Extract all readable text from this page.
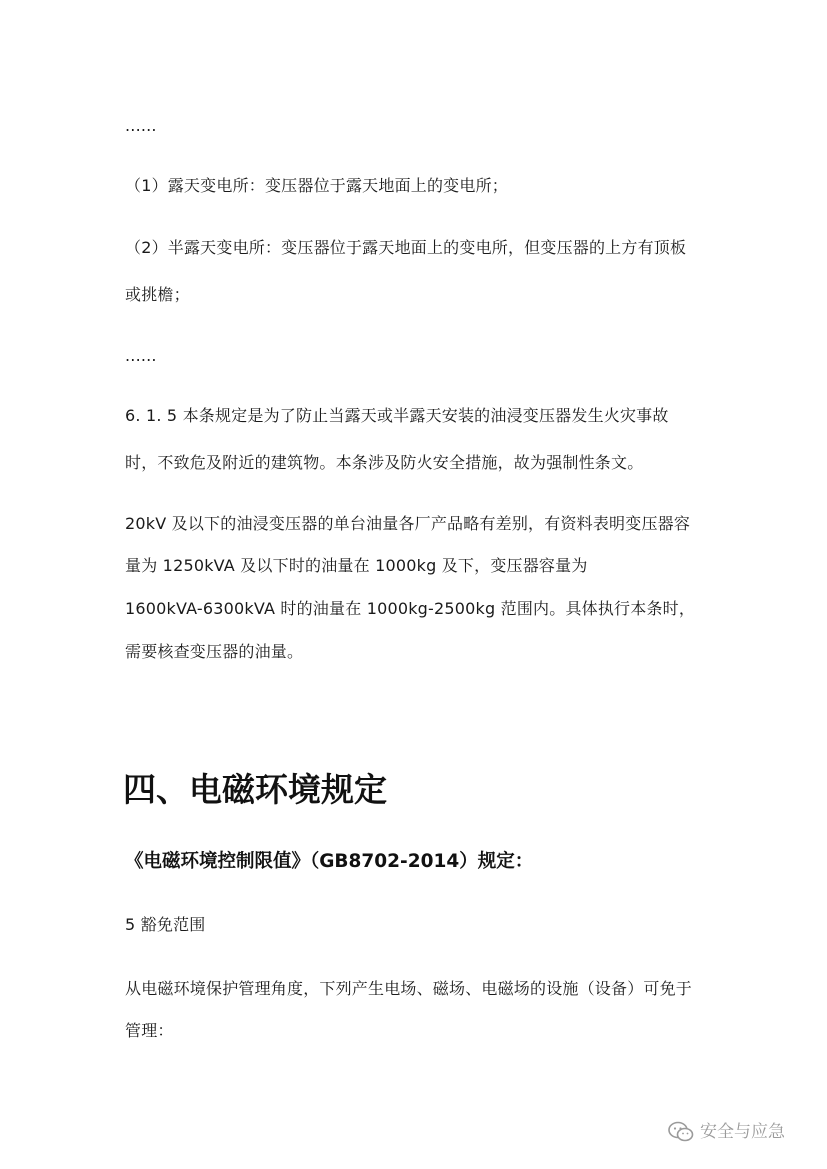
......
（1）露天变电所：变压器位于露天地面上的变电所；
（2）半露天变电所：变压器位于露天地面上的变电所，但变压器的上方有顶板
或挑檐；
......
6. 1. 5 本条规定是为了防止当露天或半露天安装的油浸变压器发生火灾事故
时，不致危及附近的建筑物。本条涉及防火安全措施，故为强制性条文。
20kV 及以下的油浸变压器的单台油量各厂产品略有差别，有资料表明变压器容
量为 1250kVA 及以下时的油量在 1000kg 及下，变压器容量为
1600kVA-6300kVA 时的油量在 1000kg-2500kg 范围内。具体执行本条时，
需要核查变压器的油量。
四、电磁环境规定
《电磁环境控制限值》（GB8702-2014）规定：
5 豁免范围
从电磁环境保护管理角度，下列产生电场、磁场、电磁场的设施（设备）可免于
管理：
安全与应急
